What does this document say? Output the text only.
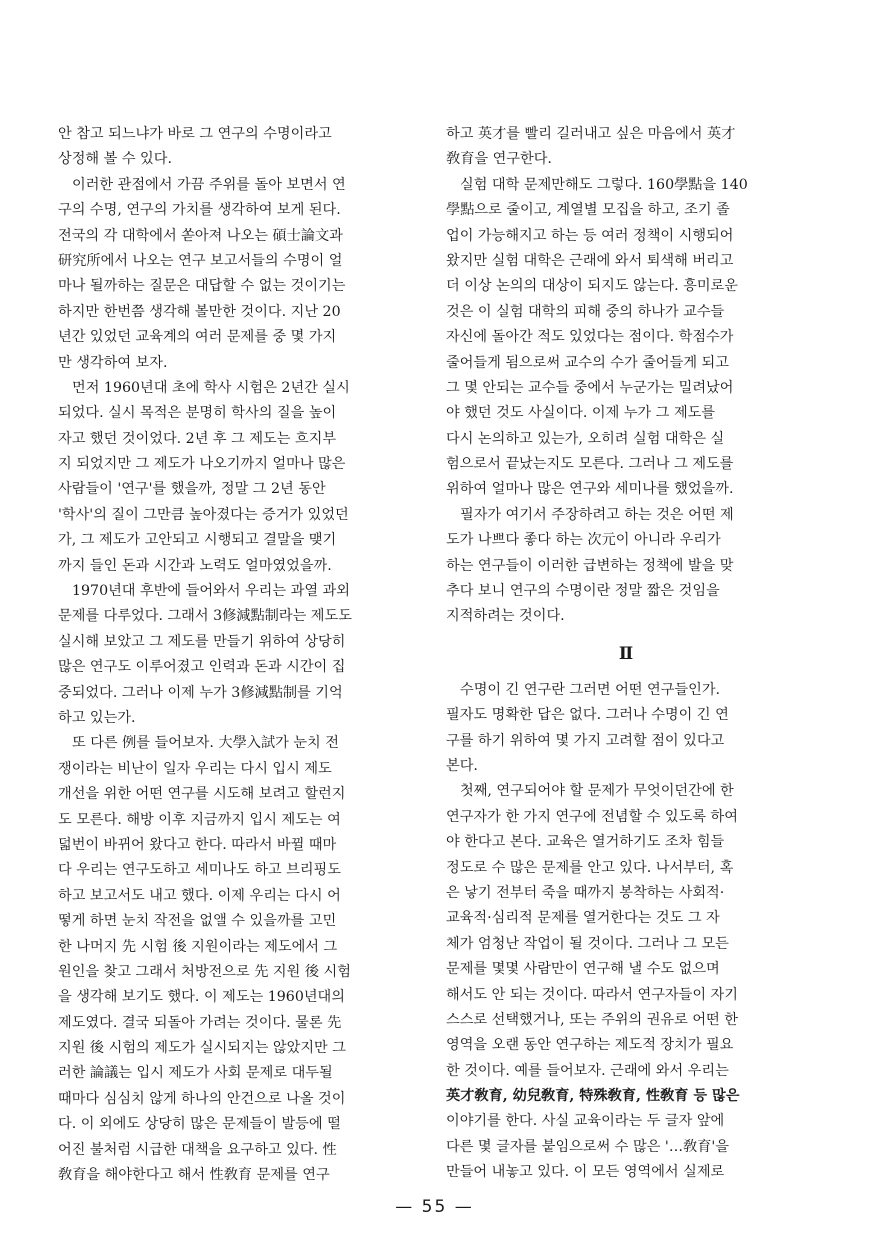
안 참고 되느냐가 바로 그 연구의 수명이라고
상정해 볼 수 있다.
이러한 관점에서 가끔 주위를 돌아 보면서 연
구의 수명, 연구의 가치를 생각하여 보게 된다.
전국의 각 대학에서 쏟아져 나오는 碩士論文과
研究所에서 나오는 연구 보고서들의 수명이 얼
마나 될까하는 질문은 대답할 수 없는 것이기는
하지만 한번쯤 생각해 볼만한 것이다. 지난 20
년간 있었던 교육계의 여러 문제를 중 몇 가지
만 생각하여 보자.
먼저 1960년대 초에 학사 시험은 2년간 실시
되었다. 실시 목적은 분명히 학사의 질을 높이
자고 했던 것이었다. 2년 후 그 제도는 흐지부
지 되었지만 그 제도가 나오기까지 얼마나 많은
사람들이 '연구'를 했을까, 정말 그 2년 동안
'학사'의 질이 그만큼 높아졌다는 증거가 있었던
가, 그 제도가 고안되고 시행되고 결말을 맺기
까지 들인 돈과 시간과 노력도 얼마였었을까.
1970년대 후반에 들어와서 우리는 과열 과외
문제를 다루었다. 그래서 3修減點制라는 제도도
실시해 보았고 그 제도를 만들기 위하여 상당히
많은 연구도 이루어졌고 인력과 돈과 시간이 집
중되었다. 그러나 이제 누가 3修減點制를 기억
하고 있는가.
또 다른 例를 들어보자. 大學入試가 눈치 전
쟁이라는 비난이 일자 우리는 다시 입시 제도
개선을 위한 어떤 연구를 시도해 보려고 할런지
도 모른다. 해방 이후 지금까지 입시 제도는 여
덟번이 바뀌어 왔다고 한다. 따라서 바뀔 때마
다 우리는 연구도하고 세미나도 하고 브리핑도
하고 보고서도 내고 했다. 이제 우리는 다시 어
떻게 하면 눈치 작전을 없앨 수 있을까를 고민
한 나머지 先 시험 後 지원이라는 제도에서 그
원인을 찾고 그래서 처방전으로 先 지원 後 시험
을 생각해 보기도 했다. 이 제도는 1960년대의
제도였다. 결국 되돌아 가려는 것이다. 물론 先
지원 後 시험의 제도가 실시되지는 않았지만 그
러한 論議는 입시 제도가 사회 문제로 대두될
때마다 심심치 않게 하나의 안건으로 나올 것이
다. 이 외에도 상당히 많은 문제들이 발등에 떨
어진 불처럼 시급한 대책을 요구하고 있다. 性
敎育을 해야한다고 해서 性敎育 문제를 연구
하고 英才를 빨리 길러내고 싶은 마음에서 英才
敎育을 연구한다.
실험 대학 문제만해도 그렇다. 160學點을 140
學點으로 줄이고, 계열별 모집을 하고, 조기 졸
업이 가능해지고 하는 등 여러 정책이 시행되어
왔지만 실험 대학은 근래에 와서 퇴색해 버리고
더 이상 논의의 대상이 되지도 않는다. 흥미로운
것은 이 실험 대학의 피해 중의 하나가 교수들
자신에 돌아간 적도 있었다는 점이다. 학점수가
줄어들게 됨으로써 교수의 수가 줄어들게 되고
그 몇 안되는 교수들 중에서 누군가는 밀려났어
야 했던 것도 사실이다. 이제 누가 그 제도를
다시 논의하고 있는가, 오히려 실험 대학은 실
험으로서 끝났는지도 모른다. 그러나 그 제도를
위하여 얼마나 많은 연구와 세미나를 했었을까.
필자가 여기서 주장하려고 하는 것은 어떤 제
도가 나쁘다 좋다 하는 次元이 아니라 우리가
하는 연구들이 이러한 급변하는 정책에 발을 맞
추다 보니 연구의 수명이란 정말 짧은 것임을
지적하려는 것이다.
Ⅱ
수명이 긴 연구란 그러면 어떤 연구들인가.
필자도 명확한 답은 없다. 그러나 수명이 긴 연
구를 하기 위하여 몇 가지 고려할 점이 있다고
본다.
첫째, 연구되어야 할 문제가 무엇이던간에 한
연구자가 한 가지 연구에 전념할 수 있도록 하여
야 한다고 본다. 교육은 열거하기도 조차 힘들
정도로 수 많은 문제를 안고 있다. 나서부터, 혹
은 낳기 전부터 죽을 때까지 봉착하는 사회적·
교육적·심리적 문제를 열거한다는 것도 그 자
체가 엄청난 작업이 될 것이다. 그러나 그 모든
문제를 몇몇 사람만이 연구해 낼 수도 없으며
해서도 안 되는 것이다. 따라서 연구자들이 자기
스스로 선택했거나, 또는 주위의 권유로 어떤 한
영역을 오랜 동안 연구하는 제도적 장치가 필요
한 것이다. 예를 들어보자. 근래에 와서 우리는
英才敎育, 幼兒敎育, 特殊敎育, 性敎育 등 많은
이야기를 한다. 사실 교육이라는 두 글자 앞에
다른 몇 글자를 붙임으로써 수 많은 '…敎育'을
만들어 내놓고 있다. 이 모든 영역에서 실제로
— 55 —
